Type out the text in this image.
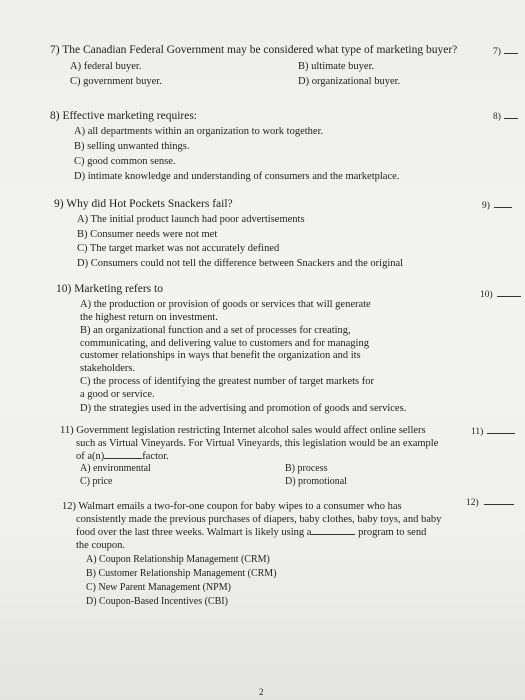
7) The Canadian Federal Government may be considered what type of marketing buyer?	7)
A) federal buyer.	B) ultimate buyer.
C) government buyer.	D) organizational buyer.
8) Effective marketing requires:	8)
A) all departments within an organization to work together.
B) selling unwanted things.
C) good common sense.
D) intimate knowledge and understanding of consumers and the marketplace.
9) Why did Hot Pockets Snackers fail?	9)
A) The initial product launch had poor advertisements
B) Consumer needs were not met
C) The target market was not accurately defined
D) Consumers could not tell the difference between Snackers and the original
10) Marketing refers to	10)
A) the production or provision of goods or services that will generate the highest return on investment.
B) an organizational function and a set of processes for creating, communicating, and delivering value to customers and for managing customer relationships in ways that benefit the organization and its stakeholders.
C) the process of identifying the greatest number of target markets for a good or service.
D) the strategies used in the advertising and promotion of goods and services.
11) Government legislation restricting Internet alcohol sales would affect online sellers
such as Virtual Vineyards. For Virtual Vineyards, this legislation would be an example
of a(n)	factor.
11)
A) environmental	B) process
C) price	D) promotional
12) Walmart emails a two-for-one coupon for baby wipes to a consumer who has
consistently made the previous purchases of diapers, baby clothes, baby toys, and baby
food over the last three weeks. Walmart is likely using a	program to send
the coupon.
12)
A) Coupon Relationship Management (CRM)
B) Customer Relationship Management (CRM)
C) New Parent Management (NPM)
D) Coupon-Based Incentives (CBI)
2
